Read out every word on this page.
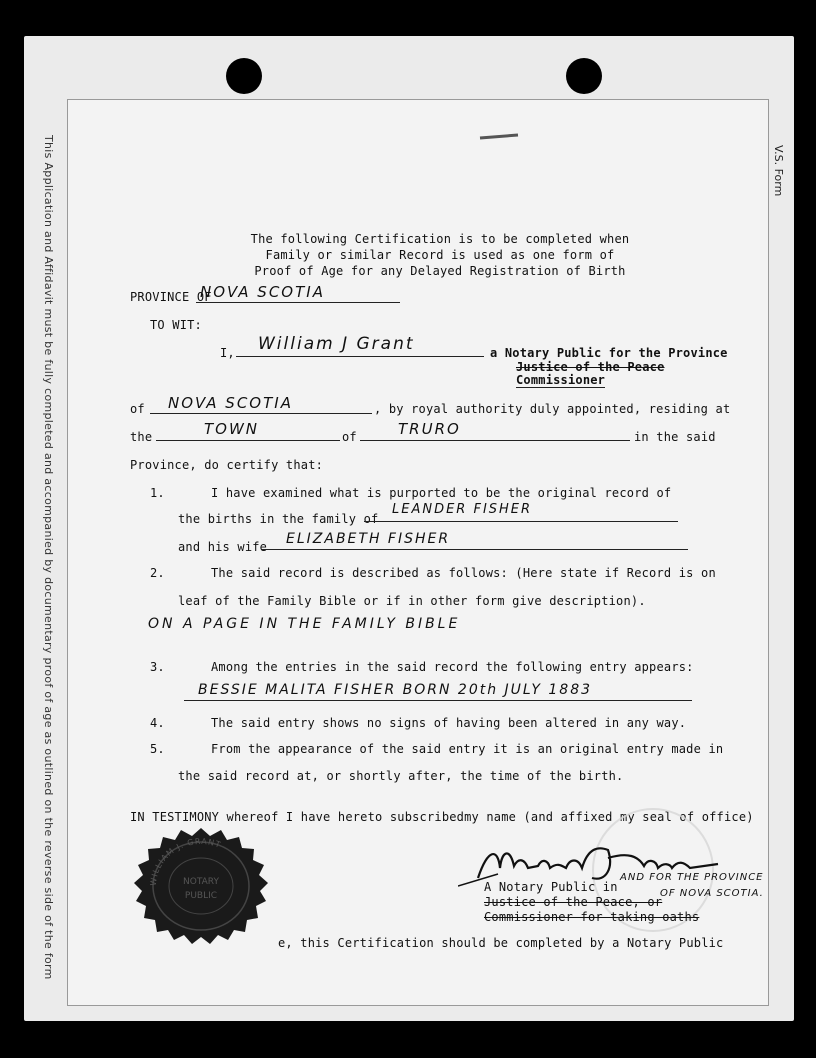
This Application and Affidavit must be fully completed and accompanied by documentary proof of age as outlined on the reverse side of the form	V.S. Form
The following Certification is to be completed when
Family or similar Record is used as one form of
Proof of Age for any Delayed Registration of Birth
PROVINCE OF
NOVA SCOTIA
TO WIT:
I, William J Grant	a Notary Public for the Province
Justice of the Peace
Commissioner
of NOVA SCOTIA	, by royal authority duly appointed, residing at
the	TOWN	of	TRURO	in the said
Province, do certify that:
1.	I have examined what is purported to be the original record of
the births in the family of
LEANDER FISHER
and his wife ELIZABETH FISHER
2.	The said record is described as follows: (Here state if Record is on
leaf of the Family Bible or if in other form give description).
ON A PAGE IN THE FAMILY BIBLE
3.	Among the entries in the said record the following entry appears:
BESSIE MALITA FISHER BORN 20th JULY 1883
4.	The said entry shows no signs of having been altered in any way.
5.	From the appearance of the said entry it is an original entry made in
the said record at, or shortly after, the time of the birth.
IN TESTIMONY whereof I have hereto subscribedmy name (and affixed my seal of office)
WILLIAM J. GRANT
NOTARY
PUBLIC
A Notary Public in
AND FOR THE PROVINCE
Justice of the Peace, or
OF NOVA SCOTIA.
Commissioner for taking oaths
e, this Certification should be completed by a Notary Public
